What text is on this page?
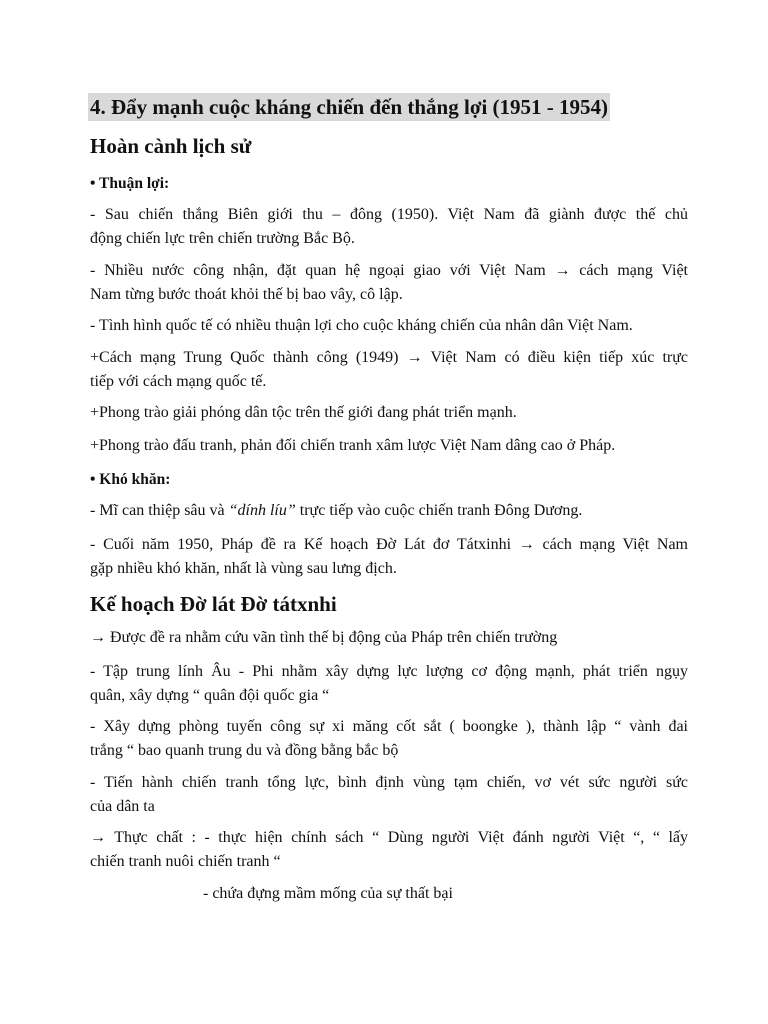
4. Đẩy mạnh cuộc kháng chiến đến thắng lợi (1951 - 1954)
Hoàn cành lịch sử
• Thuận lợi:
- Sau chiến thắng Biên giới thu – đông (1950). Việt Nam đã giành được thế chủ
động chiến lực trên chiến trường Bắc Bộ.
- Nhiều nước công nhận, đặt quan hệ ngoại giao với Việt Nam → cách mạng Việt
Nam từng bước thoát khỏi thế bị bao vây, cô lập.
- Tình hình quốc tế có nhiều thuận lợi cho cuộc kháng chiến của nhân dân Việt Nam.
+Cách mạng Trung Quốc thành công (1949) → Việt Nam có điều kiện tiếp xúc trực
tiếp với cách mạng quốc tế.
+Phong trào giải phóng dân tộc trên thế giới đang phát triển mạnh.
+Phong trào đấu tranh, phản đối chiến tranh xâm lược Việt Nam dâng cao ở Pháp.
• Khó khăn:
- Mĩ can thiệp sâu và “dính líu” trực tiếp vào cuộc chiến tranh Đông Dương.
- Cuối năm 1950, Pháp đề ra Kế hoạch Đờ Lát đơ Tátxinhi → cách mạng Việt Nam
gặp nhiều khó khăn, nhất là vùng sau lưng địch.
Kế hoạch Đờ lát Đờ tátxnhi
→ Được đề ra nhằm cứu vãn tình thế bị động của Pháp trên chiến trường
- Tập trung lính Âu - Phi nhằm xây dựng lực lượng cơ động mạnh, phát triển ngụy
quân, xây dựng “ quân đội quốc gia “
- Xây dựng phòng tuyến công sự xi măng cốt sắt ( boongke ), thành lập “ vành đai
trắng “ bao quanh trung du và đồng bằng bắc bộ
- Tiến hành chiến tranh tổng lực, bình định vùng tạm chiến, vơ vét sức người sức
của dân ta
→ Thực chất : - thực hiện chính sách “ Dùng người Việt đánh người Việt “, “ lấy
chiến tranh nuôi chiến tranh “
- chứa đựng mầm mống của sự thất bại
